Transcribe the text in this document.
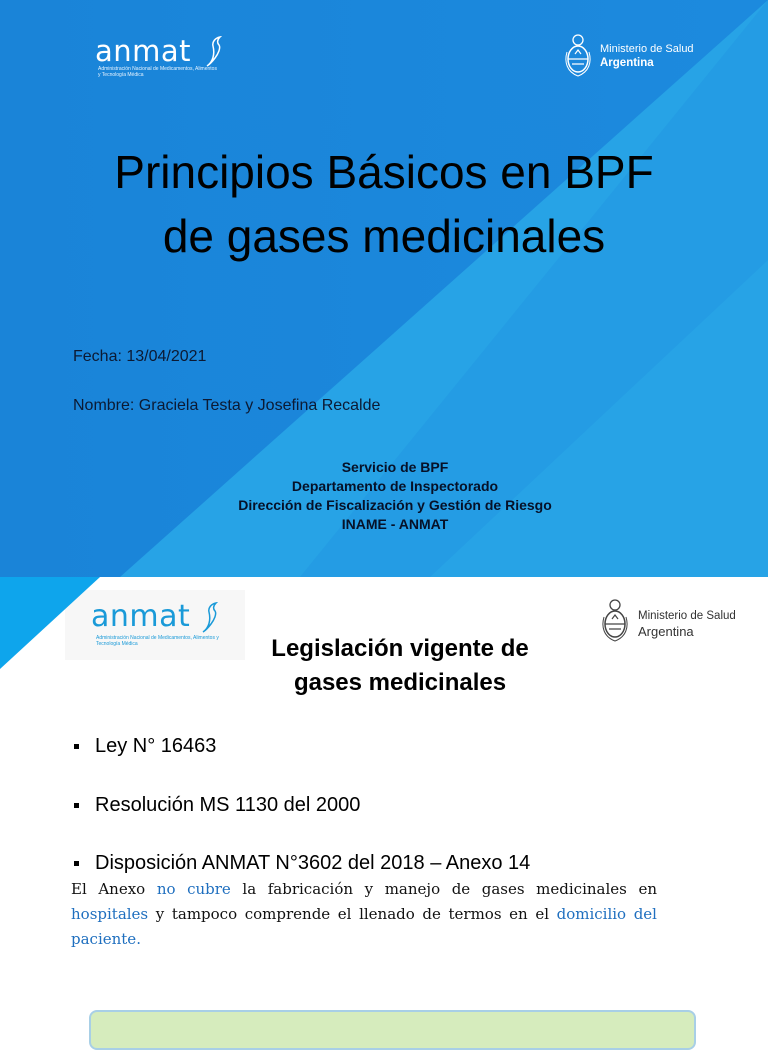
anmat
Administración Nacional de Medicamentos, Alimentos y Tecnología Médica
Ministerio de Salud
Argentina
Principios Básicos en BPF
de gases medicinales
Fecha: 13/04/2021
Nombre: Graciela Testa y Josefina Recalde
Servicio de BPF
Departamento de Inspectorado
Dirección de Fiscalización y Gestión de Riesgo
INAME - ANMAT
anmat
Administración Nacional de Medicamentos, Alimentos y Tecnología Médica
Ministerio de Salud
Argentina
Legislación vigente de
gases medicinales
Ley N° 16463
Resolución MS 1130 del 2000
Disposición ANMAT N°3602 del 2018 – Anexo 14
El Anexo no cubre la fabricación y manejo de gases medicinales en hospitales y tampoco comprende el llenado de termos en el domicilio del paciente.
